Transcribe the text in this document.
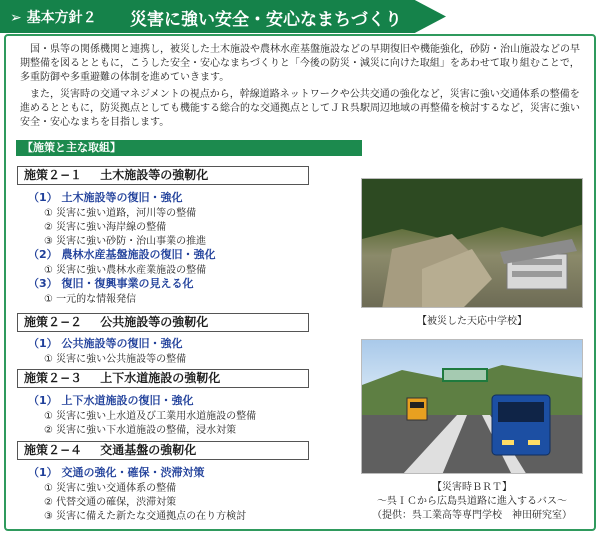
➢ 基本方針２ 災害に強い安全・安心なまちづくり
　国・県等の関係機関と連携し，被災した土木施設や農林水産基盤施設などの早期復旧や機能強化，砂防・治山施設などの早期整備を図るとともに，こうした安全・安心なまちづくりと「今後の防災・減災に向けた取組」をあわせて取り組むことで，多重防御や多重避難の体制を進めていきます。
　また，災害時の交通マネジメントの視点から，幹線道路ネットワークや公共交通の強化など，災害に強い交通体系の整備を進めるとともに，防災拠点としても機能する総合的な交通拠点としてＪＲ呉駅周辺地域の再整備を検討するなど，災害に強い安全・安心なまちを目指します。
【施策と主な取組】
施策２−１ 土木施設等の強靭化
（1） 土木施設等の復旧・強化
① 災害に強い道路，河川等の整備
② 災害に強い海岸線の整備
③ 災害に強い砂防・治山事業の推進
（2） 農林水産基盤施設の復旧・強化
① 災害に強い農林水産業施設の整備
（3） 復旧・復興事業の見える化
① 一元的な情報発信
施策２−２ 公共施設等の強靭化
（1） 公共施設等の復旧・強化
① 災害に強い公共施設等の整備
施策２−３ 上下水道施設の強靭化
（1） 上下水道施設の復旧・強化
① 災害に強い上水道及び工業用水道施設の整備
② 災害に強い下水道施設の整備，浸水対策
施策２−４ 交通基盤の強靭化
（1） 交通の強化・確保・渋滞対策
① 災害に強い交通体系の整備
② 代替交通の確保，渋滞対策
③ 災害に備えた新たな交通拠点の在り方検討
【被災した天応中学校】
【災害時ＢＲＴ】
〜呉ＩＣから広島呉道路に進入するバス〜
（提供：呉工業高等専門学校　神田研究室）
